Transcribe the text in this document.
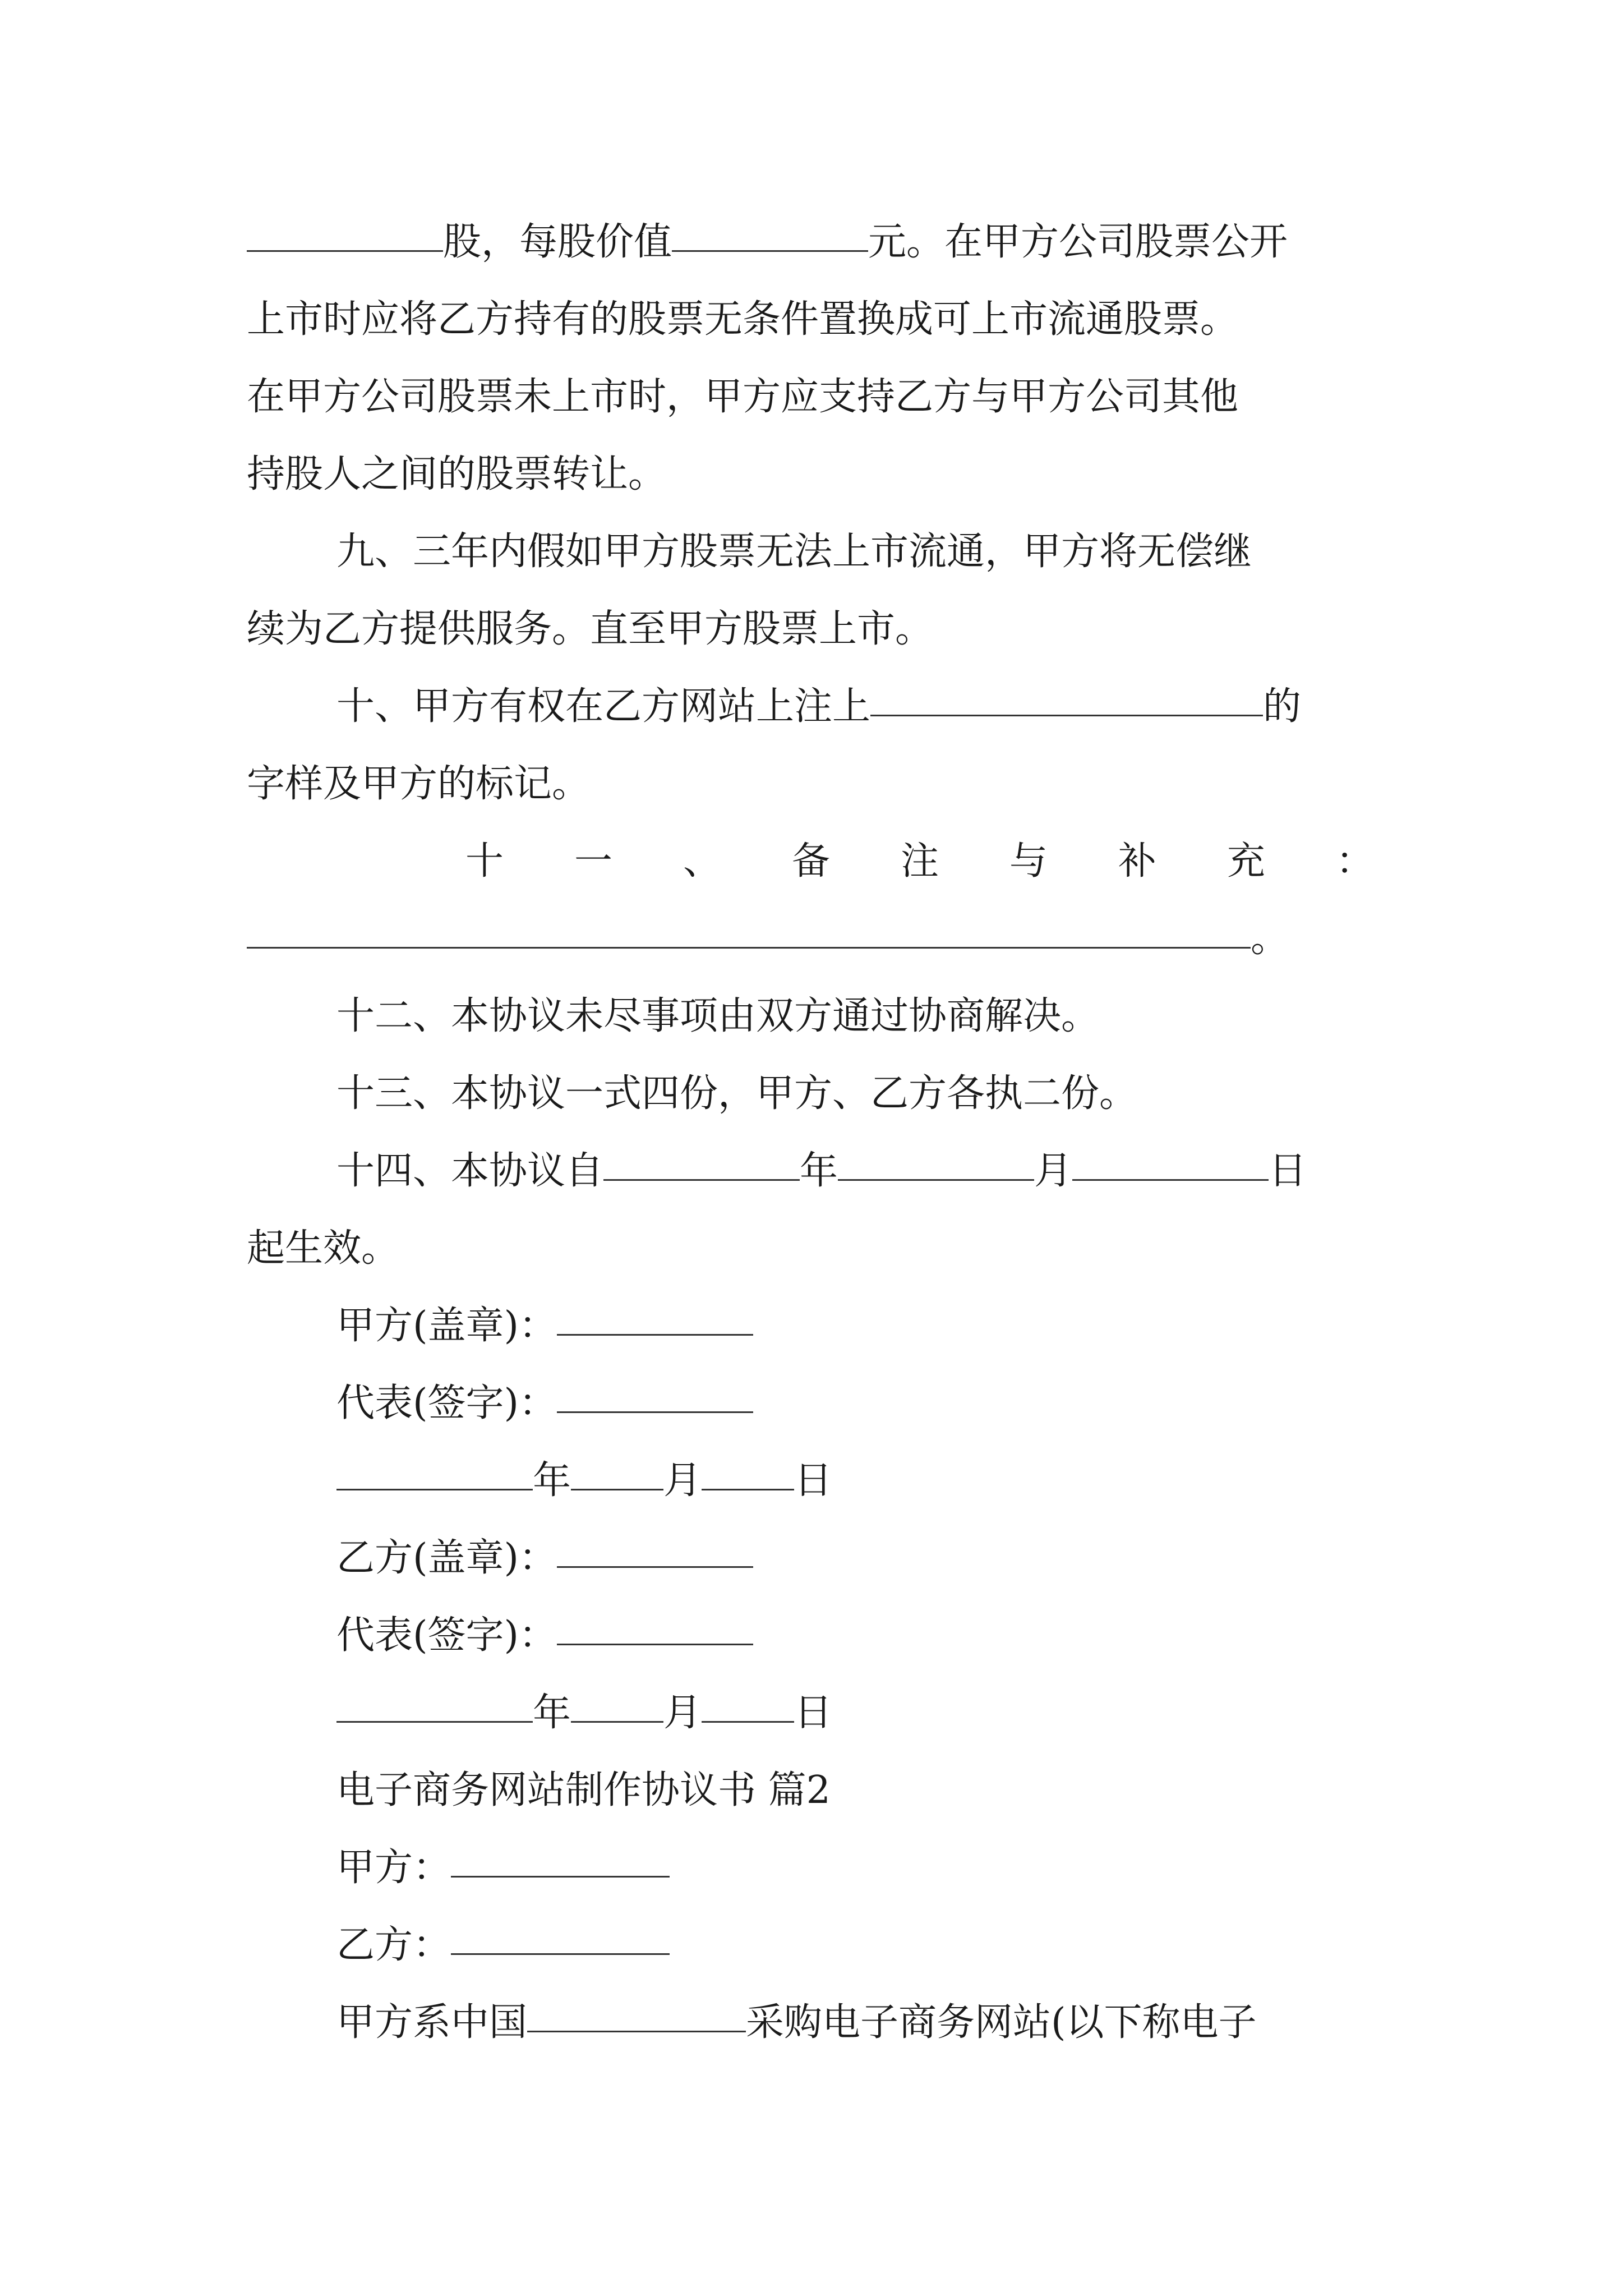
股，每股价值	元。在甲方公司股票公开
上市时应将乙方持有的股票无条件置换成可上市流通股票。
在甲方公司股票未上市时，甲方应支持乙方与甲方公司其他
持股人之间的股票转让。
九、三年内假如甲方股票无法上市流通，甲方将无偿继
续为乙方提供服务。直至甲方股票上市。
十、甲方有权在乙方网站上注上	的
字样及甲方的标记。
十 一 、 备 注 与 补 充 ：
。
十二、本协议未尽事项由双方通过协商解决。
十三、本协议一式四份，甲方、乙方各执二份。
十四、本协议自	年	月	日
起生效。
甲方(盖章)：
代表(签字)：
年 月 日
乙方(盖章)：
代表(签字)：
年 月 日
电子商务网站制作协议书 篇2
甲方：
乙方：
甲方系中国	采购电子商务网站(以下称电子
